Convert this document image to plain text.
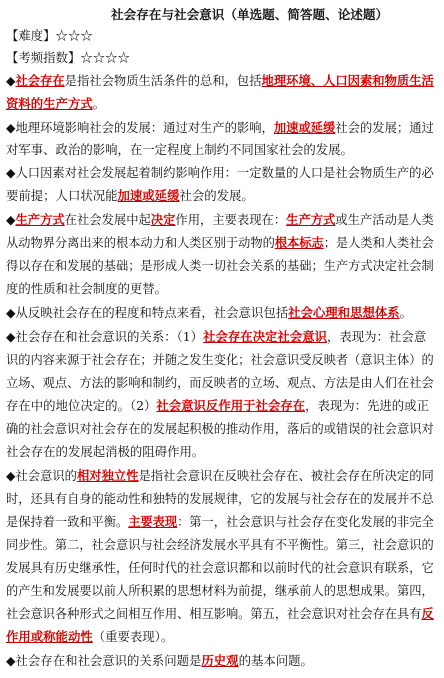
社会存在与社会意识（单选题、简答题、论述题）
【难度】☆☆☆
【考频指数】☆☆☆☆
◆社会存在是指社会物质生活条件的总和，包括地理环境、人口因素和物质生活
资料的生产方式。
◆地理环境影响社会的发展：通过对生产的影响，加速或延缓社会的发展；通过
对军事、政治的影响，在一定程度上制约不同国家社会的发展。
◆人口因素对社会发展起着制约影响作用：一定数量的人口是社会物质生产的必
要前提；人口状况能加速或延缓社会的发展。
◆生产方式在社会发展中起决定作用，主要表现在：生产方式或生产活动是人类
从动物界分离出来的根本动力和人类区别于动物的根本标志；是人类和人类社会
得以存在和发展的基础；是形成人类一切社会关系的基础；生产方式决定社会制
度的性质和社会制度的更替。
◆从反映社会存在的程度和特点来看，社会意识包括社会心理和思想体系。
◆社会存在和社会意识的关系：（1）社会存在决定社会意识，表现为：社会意
识的内容来源于社会存在；并随之发生变化；社会意识受反映者（意识主体）的
立场、观点、方法的影响和制约，而反映者的立场、观点、方法是由人们在社会
存在中的地位决定的。（2）社会意识反作用于社会存在，表现为：先进的或正
确的社会意识对社会存在的发展起积极的推动作用，落后的或错误的社会意识对
社会存在的发展起消极的阻碍作用。
◆社会意识的相对独立性是指社会意识在反映社会存在、被社会存在所决定的同
时，还具有自身的能动性和独特的发展规律，它的发展与社会存在的发展并不总
是保持着一致和平衡。主要表现：第一，社会意识与社会存在变化发展的非完全
同步性。第二，社会意识与社会经济发展水平具有不平衡性。第三，社会意识的
发展具有历史继承性，任何时代的社会意识都和以前时代的社会意识有联系，它
的产生和发展要以前人所积累的思想材料为前提，继承前人的思想成果。第四，
社会意识各种形式之间相互作用、相互影响。第五，社会意识对社会存在具有反
作用或称能动性（重要表现）。
◆社会存在和社会意识的关系问题是历史观的基本问题。
